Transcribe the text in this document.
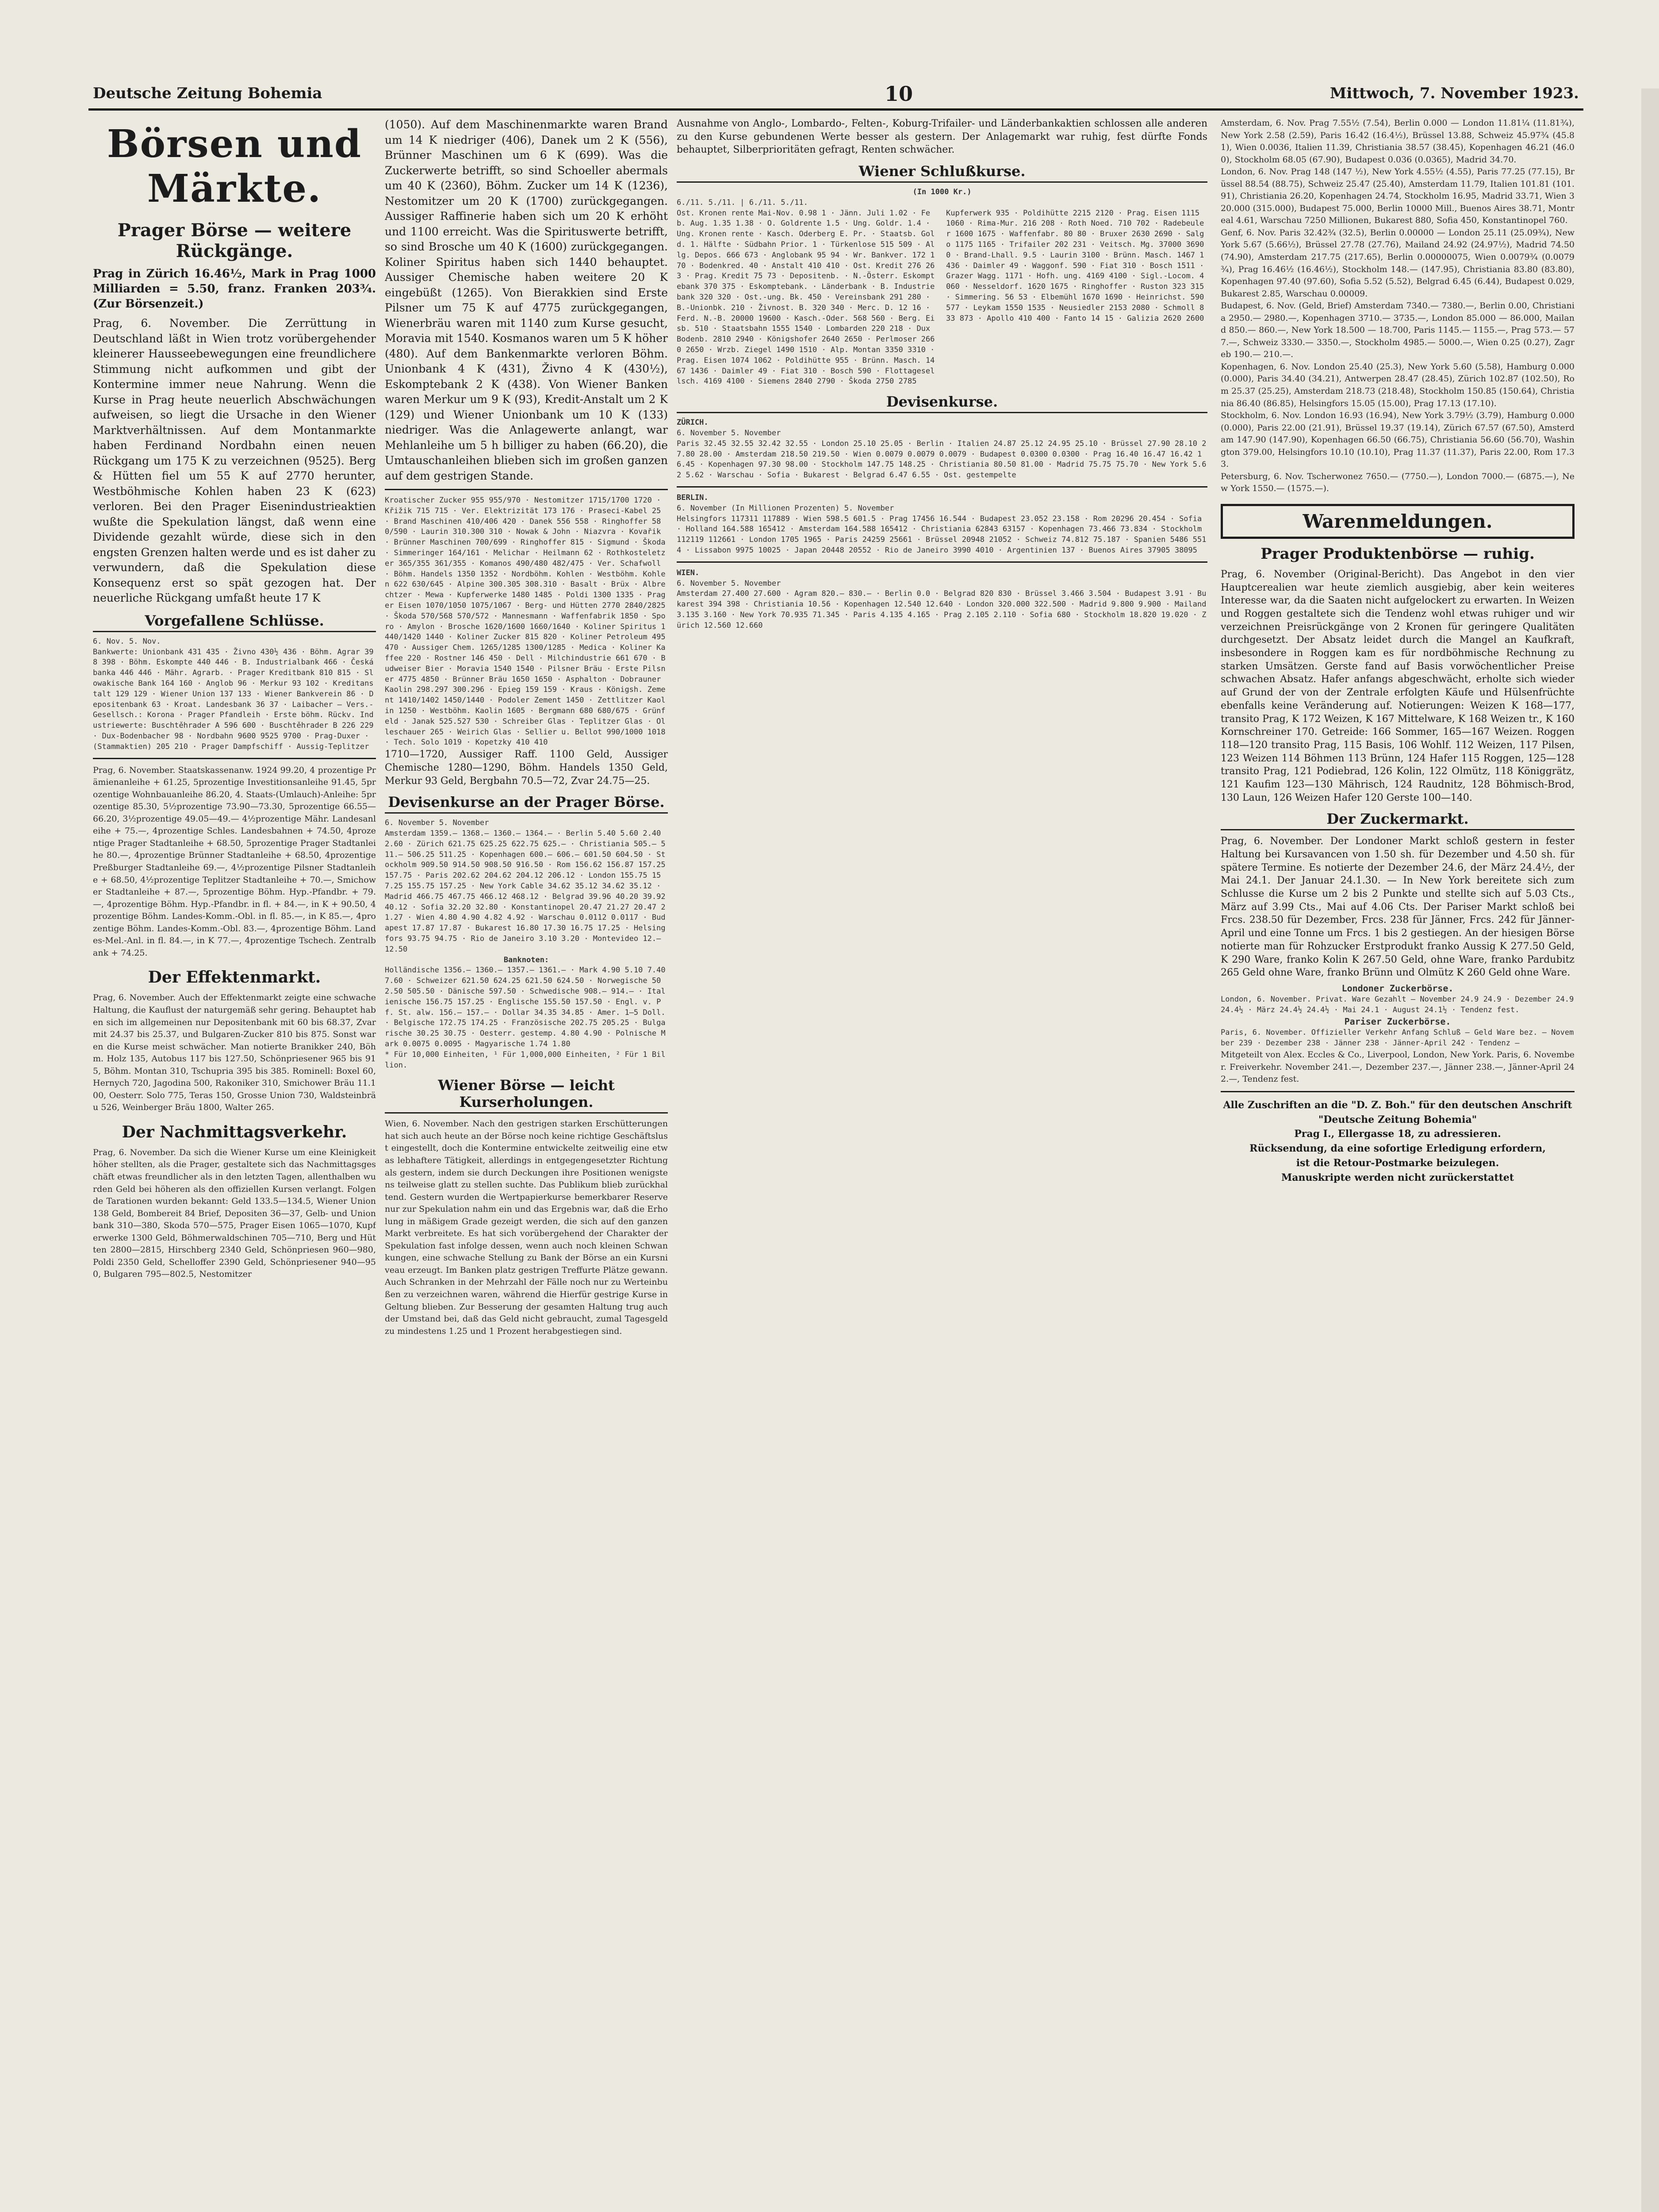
Deutsche Zeitung Bohemia	10	Mittwoch, 7. November 1923.
Börsen und Märkte.
Prager Börse — weitere Rückgänge.
Prag in Zürich 16.46½, Mark in Prag 1000 Milliarden = 5.50, franz. Franken 203¾. (Zur Börsenzeit.)
Prag, 6. November. Die Zerrüttung in Deutschland läßt in Wien trotz vorübergehender kleinerer Hausseebewegungen eine freundlichere Stimmung nicht aufkommen und gibt der Kontermine immer neue Nahrung. Wenn die Kurse in Prag heute neuerlich Abschwächungen aufweisen, so liegt die Ursache in den Wiener Marktverhältnissen. Auf dem Montanmarkte haben Ferdinand Nordbahn einen neuen Rückgang um 175 K zu verzeichnen (9525). Berg & Hütten fiel um 55 K auf 2770 herunter, Westböhmische Kohlen haben 23 K (623) verloren. Bei den Prager Eisenindustrieaktien wußte die Spekulation längst, daß wenn eine Dividende gezahlt würde, diese sich in den engsten Grenzen halten werde und es ist daher zu verwundern, daß die Spekulation diese Konsequenz erst so spät gezogen hat. Der neuerliche Rückgang umfaßt heute 17 K
Vorgefallene Schlüsse.
6. Nov. 5. Nov.
Bankwerte: Unionbank 431 435 · Živno 430½ 436 · Böhm. Agrar 398 398 · Böhm. Eskompte 440 446 · B. Industrialbank 466 · Česká banka 446 446 · Mähr. Agrarb. · Prager Kreditbank 810 815 · Slowakische Bank 164 160 · Anglob 96 · Merkur 93 102 · Kreditanstalt 129 129 · Wiener Union 137 133 · Wiener Bankverein 86 · Depositenbank 63 · Kroat. Landesbank 36 37 · Laibacher — Vers.-Gesellsch.: Korona · Prager Pfandleih · Erste böhm. Rückv. Industriewerte: Buschtěhrader A 596 600 · Buschtěhrader B 226 229 · Dux-Bodenbacher 98 · Nordbahn 9600 9525 9700 · Prag-Duxer · (Stammaktien) 205 210 · Prager Dampfschiff · Aussig-Teplitzer
Prag, 6. November. Staatskassenanw. 1924 99.20, 4 prozentige Prämienanleihe + 61.25, 5prozentige Investitionsanleihe 91.45, 5prozentige Wohnbauanleihe 86.20, 4. Staats-(Umlauch)-Anleihe: 5prozentige 85.30, 5½prozentige 73.90—73.30, 5prozentige 66.55—66.20, 3½prozentige 49.05—49.— 4½prozentige Mähr. Landesanleihe + 75.—, 4prozentige Schles. Landesbahnen + 74.50, 4prozentige Prager Stadtanleihe + 68.50, 5prozentige Prager Stadtanleihe 80.—, 4prozentige Brünner Stadtanleihe + 68.50, 4prozentige Preßburger Stadtanleihe 69.—, 4½prozentige Pilsner Stadtanleihe + 68.50, 4½prozentige Teplitzer Stadtanleihe + 70.—, Smichower Stadtanleihe + 87.—, 5prozentige Böhm. Hyp.-Pfandbr. + 79.—, 4prozentige Böhm. Hyp.-Pfandbr. in fl. + 84.—, in K + 90.50, 4prozentige Böhm. Landes-Komm.-Obl. in fl. 85.—, in K 85.—, 4prozentige Böhm. Landes-Komm.-Obl. 83.—, 4prozentige Böhm. Landes-Mel.-Anl. in fl. 84.—, in K 77.—, 4prozentige Tschech. Zentralbank + 74.25.
Der Effektenmarkt.
Prag, 6. November. Auch der Effektenmarkt zeigte eine schwache Haltung, die Kauflust der naturgemäß sehr gering. Behauptet haben sich im allgemeinen nur Depositenbank mit 60 bis 68.37, Zvar mit 24.37 bis 25.37, und Bulgaren-Zucker 810 bis 875. Sonst waren die Kurse meist schwächer. Man notierte Branikker 240, Böhm. Holz 135, Autobus 117 bis 127.50, Schönpriesener 965 bis 915, Böhm. Montan 310, Tschupria 395 bis 385. Rominell: Boxel 60, Hernych 720, Jagodina 500, Rakoniker 310, Smichower Bräu 11.100, Oesterr. Solo 775, Teras 150, Grosse Union 730, Waldsteinbräu 526, Weinberger Bräu 1800, Walter 265.
Der Nachmittagsverkehr.
Prag, 6. November. Da sich die Wiener Kurse um eine Kleinigkeit höher stellten, als die Prager, gestaltete sich das Nachmittagsgeschäft etwas freundlicher als in den letzten Tagen, allenthalben wurden Geld bei höheren als den offiziellen Kursen verlangt. Folgende Tarationen wurden bekannt: Geld 133.5—134.5, Wiener Union 138 Geld, Bombereit 84 Brief, Depositen 36—37, Gelb- und Unionbank 310—380, Skoda 570—575, Prager Eisen 1065—1070, Kupferwerke 1300 Geld, Böhmerwaldschinen 705—710, Berg und Hütten 2800—2815, Hirschberg 2340 Geld, Schönpriesen 960—980, Poldi 2350 Geld, Schelloffer 2390 Geld, Schönpriesener 940—950, Bulgaren 795—802.5, Nestomitzer
(1050). Auf dem Maschinenmarkte waren Brand um 14 K niedriger (406), Danek um 2 K (556), Brünner Maschinen um 6 K (699). Was die Zuckerwerte betrifft, so sind Schoeller abermals um 40 K (2360), Böhm. Zucker um 14 K (1236), Nestomitzer um 20 K (1700) zurückgegangen. Aussiger Raffinerie haben sich um 20 K erhöht und 1100 erreicht. Was die Spirituswerte betrifft, so sind Brosche um 40 K (1600) zurückgegangen. Koliner Spiritus haben sich 1440 behauptet. Aussiger Chemische haben weitere 20 K eingebüßt (1265). Von Bierakkien sind Erste Pilsner um 75 K auf 4775 zurückgegangen, Wienerbräu waren mit 1140 zum Kurse gesucht, Moravia mit 1540. Kosmanos waren um 5 K höher (480). Auf dem Bankenmarkte verloren Böhm. Unionbank 4 K (431), Živno 4 K (430½), Eskomptebank 2 K (438). Von Wiener Banken waren Merkur um 9 K (93), Kredit-Anstalt um 2 K (129) und Wiener Unionbank um 10 K (133) niedriger. Was die Anlagewerte anlangt, war Mehlanleihe um 5 h billiger zu haben (66.20), die Umtauschanleihen blieben sich im großen ganzen auf dem gestrigen Stande.
Kroatischer Zucker 955 955/970 · Nestomitzer 1715/1700 1720 · Křižik 715 715 · Ver. Elektrizität 173 176 · Praseci-Kabel 25 · Brand Maschinen 410/406 420 · Danek 556 558 · Ringhoffer 580/590 · Laurin 310.300 310 · Nowak & John · Niazvra · Kovařik · Brünner Maschinen 700/699 · Ringhoffer 815 · Sigmund · Škoda · Simmeringer 164/161 · Melichar · Heilmann 62 · Rothkosteletzer 365/355 361/355 · Komanos 490/480 482/475 · Ver. Schafwoll · Böhm. Handels 1350 1352 · Nordböhm. Kohlen · Westböhm. Kohlen 622 630/645 · Alpine 300.305 308.310 · Basalt · Brüx · Albrechtzer · Mewa · Kupferwerke 1480 1485 · Poldi 1300 1335 · Prager Eisen 1070/1050 1075/1067 · Berg- und Hütten 2770 2840/2825 · Škoda 570/568 570/572 · Mannesmann · Waffenfabrik 1850 · Sporo · Amylon · Brosche 1620/1600 1660/1640 · Koliner Spiritus 1440/1420 1440 · Koliner Zucker 815 820 · Koliner Petroleum 495 470 · Aussiger Chem. 1265/1285 1300/1285 · Medica · Koliner Kaffee 220 · Rostner 146 450 · Dell · Milchindustrie 661 670 · Budweiser Bier · Moravia 1540 1540 · Pilsner Bräu · Erste Pilsner 4775 4850 · Brünner Bräu 1650 1650 · Asphalton · Dobrauner Kaolin 298.297 300.296 · Epieg 159 159 · Kraus · Königsh. Zement 1410/1402 1450/1440 · Podoler Zement 1450 · Zettlitzer Kaolin 1250 · Westböhm. Kaolin 1605 · Bergmann 680 680/675 · Grünfeld · Janak 525.527 530 · Schreiber Glas · Teplitzer Glas · Olleschauer 265 · Weirich Glas · Sellier u. Bellot 990/1000 1018 · Tech. Solo 1019 · Kopetzky 410 410
1710—1720, Aussiger Raff. 1100 Geld, Aussiger Chemische 1280—1290, Böhm. Handels 1350 Geld, Merkur 93 Geld, Bergbahn 70.5—72, Zvar 24.75—25.
Devisenkurse an der Prager Börse.
6. November 5. November
Amsterdam 1359.— 1368.— 1360.— 1364.— · Berlin 5.40 5.60 2.40 2.60 · Zürich 621.75 625.25 622.75 625.— · Christiania 505.— 511.— 506.25 511.25 · Kopenhagen 600.— 606.— 601.50 604.50 · Stockholm 909.50 914.50 908.50 916.50 · Rom 156.62 156.87 157.25 157.75 · Paris 202.62 204.62 204.12 206.12 · London 155.75 157.25 155.75 157.25 · New York Cable 34.62 35.12 34.62 35.12 · Madrid 466.75 467.75 466.12 468.12 · Belgrad 39.96 40.20 39.92 40.12 · Sofia 32.20 32.80 · Konstantinopel 20.47 21.27 20.47 21.27 · Wien 4.80 4.90 4.82 4.92 · Warschau 0.0112 0.0117 · Budapest 17.87 17.87 · Bukarest 16.80 17.30 16.75 17.25 · Helsingfors 93.75 94.75 · Rio de Janeiro 3.10 3.20 · Montevideo 12.— 12.50
Banknoten:
Holländische 1356.— 1360.— 1357.— 1361.— · Mark 4.90 5.10 7.40 7.60 · Schweizer 621.50 624.25 621.50 624.50 · Norwegische 502.50 505.50 · Dänische 597.50 · Schwedische 908.— 914.— · Italienische 156.75 157.25 · Englische 155.50 157.50 · Engl. v. Pf. St. alw. 156.— 157.— · Dollar 34.35 34.85 · Amer. 1—5 Doll. · Belgische 172.75 174.25 · Französische 202.75 205.25 · Bulgarische 30.25 30.75 · Oesterr. gestemp. 4.80 4.90 · Polnische Mark 0.0075 0.0095 · Magyarische 1.74 1.80
* Für 10,000 Einheiten, ¹ Für 1,000,000 Einheiten, ² Für 1 Billion.
Wiener Börse — leicht Kurserholungen.
Wien, 6. November. Nach den gestrigen starken Erschütterungen hat sich auch heute an der Börse noch keine richtige Geschäftslust eingestellt, doch die Kontermine entwickelte zeitweilig eine etwas lebhaftere Tätigkeit, allerdings in entgegengesetzter Richtung als gestern, indem sie durch Deckungen ihre Positionen wenigstens teilweise glatt zu stellen suchte. Das Publikum blieb zurückhaltend. Gestern wurden die Wertpapierkurse bemerkbarer Reserve nur zur Spekulation nahm ein und das Ergebnis war, daß die Erholung in mäßigem Grade gezeigt werden, die sich auf den ganzen Markt verbreitete. Es hat sich vorübergehend der Charakter der Spekulation fast infolge dessen, wenn auch noch kleinen Schwankungen, eine schwache Stellung zu Bank der Börse an ein Kursniveau erzeugt. Im Banken platz gestrigen Treffurte Plätze gewann. Auch Schranken in der Mehrzahl der Fälle noch nur zu Werteinbußen zu verzeichnen waren, während die Hierfür gestrige Kurse in Geltung blieben. Zur Besserung der gesamten Haltung trug auch der Umstand bei, daß das Geld nicht gebraucht, zumal Tagesgeld zu mindestens 1.25 und 1 Prozent herabgestiegen sind.
Ausnahme von Anglo-, Lombardo-, Felten-, Koburg-Trifailer- und Länderbankaktien schlossen alle anderen zu den Kurse gebundenen Werte besser als gestern. Der Anlagemarkt war ruhig, fest dürfte Fonds behauptet, Silberprioritäten gefragt, Renten schwächer.
Wiener Schlußkurse.
(In 1000 Kr.)
6./11. 5./11. | 6./11. 5./11.
Ost. Kronen rente Mai-Nov. 0.98 1 · Jänn. Juli 1.02 · Feb. Aug. 1.35 1.38 · O. Goldrente 1.5 · Ung. Goldr. 1.4 · Ung. Kronen rente · Kasch. Oderberg E. Pr. · Staatsb. Gold. 1. Hälfte · Südbahn Prior. 1 · Türkenlose 515 509 · Allg. Depos. 666 673 · Anglobank 95 94 · Wr. Bankver. 172 170 · Bodenkred. 40 · Anstalt 410 410 · Ost. Kredit 276 263 · Prag. Kredit 75 73 · Depositenb. · N.-Österr. Eskomptebank 370 375 · Eskomptebank. · Länderbank · B. Industriebank 320 320 · Ost.-ung. Bk. 450 · Vereinsbank 291 280 · B.-Unionbk. 210 · Živnost. B. 320 340 · Merc. D. 12 16 · Ferd. N.-B. 20000 19600 · Kasch.-Oder. 568 560 · Berg. Eisb. 510 · Staatsbahn 1555 1540 · Lombarden 220 218 · Dux Bodenb. 2810 2940 · Königshofer 2640 2650 · Perlmoser 2660 2650 · Wrzb. Ziegel 1490 1510 · Alp. Montan 3350 3310 · Prag. Eisen 1074 1062 · Poldihütte 955 · Brünn. Masch. 1467 1436 · Daimler 49 · Fiat 310 · Bosch 590 · Flottagesellsch. 4169 4100 · Siemens 2840 2790 · Škoda 2750 2785
Kupferwerk 935 · Poldihütte 2215 2120 · Prag. Eisen 1115 1060 · Rima-Mur. 216 208 · Roth Noed. 710 702 · Radebeuler 1600 1675 · Waffenfabr. 80 80 · Bruxer 2630 2690 · Salgo 1175 1165 · Trifailer 202 231 · Veitsch. Mg. 37000 36900 · Brand-Lhall. 9.5 · Laurin 3100 · Brünn. Masch. 1467 1436 · Daimler 49 · Waggonf. 590 · Fiat 310 · Bosch 1511 · Grazer Wagg. 1171 · Hofh. ung. 4169 4100 · Sigl.-Locom. 4060 · Nesseldorf. 1620 1675 · Ringhoffer · Ruston 323 315 · Simmering. 56 53 · Elbemühl 1670 1690 · Heinrichst. 590 577 · Leykam 1550 1535 · Neusiedler 2153 2080 · Schmoll 833 873 · Apollo 410 400 · Fanto 14 15 · Galizia 2620 2600
Devisenkurse.
ZÜRICH.
6. November 5. November
Paris 32.45 32.55 32.42 32.55 · London 25.10 25.05 · Berlin · Italien 24.87 25.12 24.95 25.10 · Brüssel 27.90 28.10 27.80 28.00 · Amsterdam 218.50 219.50 · Wien 0.0079 0.0079 0.0079 · Budapest 0.0300 0.0300 · Prag 16.40 16.47 16.42 16.45 · Kopenhagen 97.30 98.00 · Stockholm 147.75 148.25 · Christiania 80.50 81.00 · Madrid 75.75 75.70 · New York 5.62 5.62 · Warschau · Sofia · Bukarest · Belgrad 6.47 6.55 · Ost. gestempelte
BERLIN.
6. November (In Millionen Prozenten) 5. November
Helsingfors 117311 117889 · Wien 598.5 601.5 · Prag 17456 16.544 · Budapest 23.052 23.158 · Rom 20296 20.454 · Sofia · Holland 164.588 165412 · Amsterdam 164.588 165412 · Christiania 62843 63157 · Kopenhagen 73.466 73.834 · Stockholm 112119 112661 · London 1705 1965 · Paris 24259 25661 · Brüssel 20948 21052 · Schweiz 74.812 75.187 · Spanien 5486 5514 · Lissabon 9975 10025 · Japan 20448 20552 · Rio de Janeiro 3990 4010 · Argentinien 137 · Buenos Aires 37905 38095
WIEN.
6. November 5. November
Amsterdam 27.400 27.600 · Agram 820.— 830.— · Berlin 0.0 · Belgrad 820 830 · Brüssel 3.466 3.504 · Budapest 3.91 · Bukarest 394 398 · Christiania 10.56 · Kopenhagen 12.540 12.640 · London 320.000 322.500 · Madrid 9.800 9.900 · Mailand 3.135 3.160 · New York 70.935 71.345 · Paris 4.135 4.165 · Prag 2.105 2.110 · Sofia 680 · Stockholm 18.820 19.020 · Zürich 12.560 12.660
Amsterdam, 6. Nov. Prag 7.55½ (7.54), Berlin 0.000 — London 11.81¼ (11.81¾), New York 2.58 (2.59), Paris 16.42 (16.4½), Brüssel 13.88, Schweiz 45.97¾ (45.81), Wien 0.0036, Italien 11.39, Christiania 38.57 (38.45), Kopenhagen 46.21 (46.00), Stockholm 68.05 (67.90), Budapest 0.036 (0.0365), Madrid 34.70.
London, 6. Nov. Prag 148 (147 ½), New York 4.55½ (4.55), Paris 77.25 (77.15), Brüssel 88.54 (88.75), Schweiz 25.47 (25.40), Amsterdam 11.79, Italien 101.81 (101.91), Christiania 26.20, Kopenhagen 24.74, Stockholm 16.95, Madrid 33.71, Wien 320.000 (315.000), Budapest 75.000, Berlin 10000 Mill., Buenos Aires 38.71, Montreal 4.61, Warschau 7250 Millionen, Bukarest 880, Sofia 450, Konstantinopel 760.
Genf, 6. Nov. Paris 32.42¾ (32.5), Berlin 0.00000 — London 25.11 (25.09¾), New York 5.67 (5.66½), Brüssel 27.78 (27.76), Mailand 24.92 (24.97½), Madrid 74.50 (74.90), Amsterdam 217.75 (217.65), Berlin 0.00000075, Wien 0.0079¾ (0.0079¾), Prag 16.46½ (16.46½), Stockholm 148.— (147.95), Christiania 83.80 (83.80), Kopenhagen 97.40 (97.60), Sofia 5.52 (5.52), Belgrad 6.45 (6.44), Budapest 0.029, Bukarest 2.85, Warschau 0.00009.
Budapest, 6. Nov. (Geld, Brief) Amsterdam 7340.— 7380.—, Berlin 0.00, Christiania 2950.— 2980.—, Kopenhagen 3710.— 3735.—, London 85.000 — 86.000, Mailand 850.— 860.—, New York 18.500 — 18.700, Paris 1145.— 1155.—, Prag 573.— 577.—, Schweiz 3330.— 3350.—, Stockholm 4985.— 5000.—, Wien 0.25 (0.27), Zagreb 190.— 210.—.
Kopenhagen, 6. Nov. London 25.40 (25.3), New York 5.60 (5.58), Hamburg 0.000 (0.000), Paris 34.40 (34.21), Antwerpen 28.47 (28.45), Zürich 102.87 (102.50), Rom 25.37 (25.25), Amsterdam 218.73 (218.48), Stockholm 150.85 (150.64), Christiania 86.40 (86.85), Helsingfors 15.05 (15.00), Prag 17.13 (17.10).
Stockholm, 6. Nov. London 16.93 (16.94), New York 3.79½ (3.79), Hamburg 0.000 (0.000), Paris 22.00 (21.91), Brüssel 19.37 (19.14), Zürich 67.57 (67.50), Amsterdam 147.90 (147.90), Kopenhagen 66.50 (66.75), Christiania 56.60 (56.70), Washington 379.00, Helsingfors 10.10 (10.10), Prag 11.37 (11.37), Paris 22.00, Rom 17.33.
Petersburg, 6. Nov. Tscherwonez 7650.— (7750.—), London 7000.— (6875.—), New York 1550.— (1575.—).
Warenmeldungen.
Prager Produktenbörse — ruhig.
Prag, 6. November (Original-Bericht). Das Angebot in den vier Hauptcerealien war heute ziemlich ausgiebig, aber kein weiteres Interesse war, da die Saaten nicht aufgelockert zu erwarten. In Weizen und Roggen gestaltete sich die Tendenz wohl etwas ruhiger und wir verzeichnen Preisrückgänge von 2 Kronen für geringere Qualitäten durchgesetzt. Der Absatz leidet durch die Mangel an Kaufkraft, insbesondere in Roggen kam es für nordböhmische Rechnung zu starken Umsätzen. Gerste fand auf Basis vorwöchentlicher Preise schwachen Absatz. Hafer anfangs abgeschwächt, erholte sich wieder auf Grund der von der Zentrale erfolgten Käufe und Hülsenfrüchte ebenfalls keine Veränderung auf. Notierungen: Weizen K 168—177, transito Prag, K 172 Weizen, K 167 Mittelware, K 168 Weizen tr., K 160 Kornschreiner 170. Getreide: 166 Sommer, 165—167 Weizen. Roggen 118—120 transito Prag, 115 Basis, 106 Wohlf. 112 Weizen, 117 Pilsen, 123 Weizen 114 Böhmen 113 Brünn, 124 Hafer 115 Roggen, 125—128 transito Prag, 121 Podiebrad, 126 Kolin, 122 Olmütz, 118 Königgrätz, 121 Kaufim 123—130 Mährisch, 124 Raudnitz, 128 Böhmisch-Brod, 130 Laun, 126 Weizen Hafer 120 Gerste 100—140.
Der Zuckermarkt.
Prag, 6. November. Der Londoner Markt schloß gestern in fester Haltung bei Kursavancen von 1.50 sh. für Dezember und 4.50 sh. für spätere Termine. Es notierte der Dezember 24.6, der März 24.4½, der Mai 24.1. Der Januar 24.1.30. — In New York bereitete sich zum Schlusse die Kurse um 2 bis 2 Punkte und stellte sich auf 5.03 Cts., März auf 3.99 Cts., Mai auf 4.06 Cts. Der Pariser Markt schloß bei Frcs. 238.50 für Dezember, Frcs. 238 für Jänner, Frcs. 242 für Jänner-April und eine Tonne um Frcs. 1 bis 2 gestiegen. An der hiesigen Börse notierte man für Rohzucker Erstprodukt franko Aussig K 277.50 Geld, K 290 Ware, franko Kolin K 267.50 Geld, ohne Ware, franko Pardubitz 265 Geld ohne Ware, franko Brünn und Olmütz K 260 Geld ohne Ware.
Londoner Zuckerbörse.
London, 6. November. Privat. Ware Gezahlt — November 24.9 24.9 · Dezember 24.9 24.4½ · März 24.4½ 24.4½ · Mai 24.1 · August 24.1½ · Tendenz fest.
Pariser Zuckerbörse.
Paris, 6. November. Offizieller Verkehr Anfang Schluß — Geld Ware bez. — November 239 · Dezember 238 · Jänner 238 · Jänner-April 242 · Tendenz —
Mitgeteilt von Alex. Eccles & Co., Liverpool, London, New York. Paris, 6. November. Freiverkehr. November 241.—, Dezember 237.—, Jänner 238.—, Jänner-April 242.—, Tendenz fest.

Alle Zuschriften an die "D. Z. Boh." für den deutschen Anschrift

"Deutsche Zeitung Bohemia"

Prag I., Ellergasse 18, zu adressieren.

Rücksendung, da eine sofortige Erledigung erfordern,

ist die Retour-Postmarke beizulegen.

Manuskripte werden nicht zurückerstattet
